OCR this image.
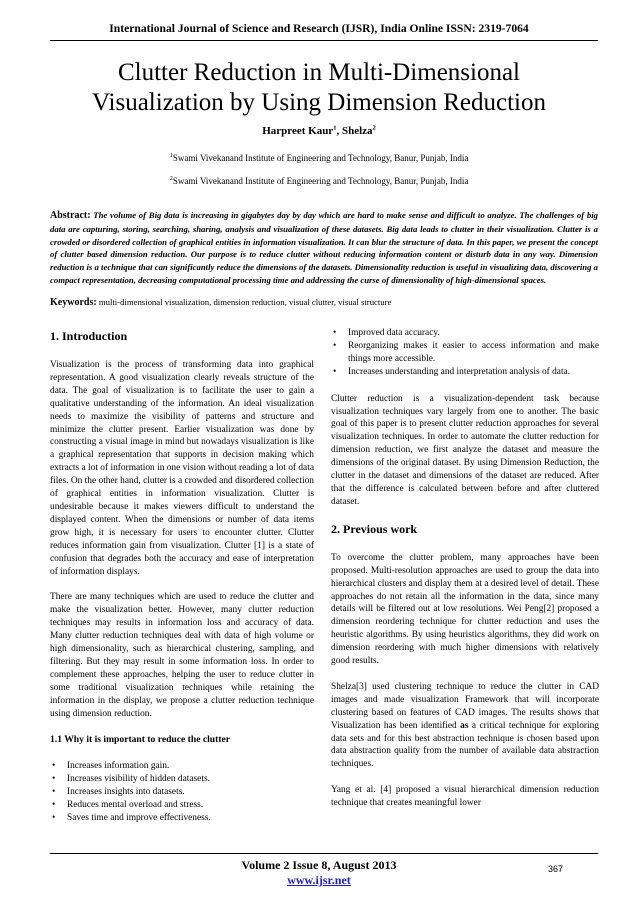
International Journal of Science and Research (IJSR), India Online ISSN: 2319-7064
Clutter Reduction in Multi-Dimensional
Visualization by Using Dimension Reduction
Harpreet Kaur$^1$, Shelza$^2$
$^1$Swami Vivekanand Institute of Engineering and Technology, Banur, Punjab, India
$^2$Swami Vivekanand Institute of Engineering and Technology, Banur, Punjab, India
Abstract: The volume of Big data is increasing in gigabytes day by day which are hard to make sense and difficult to analyze. The challenges of big data are capturing, storing, searching, sharing, analysis and visualization of these datasets. Big data leads to clutter in their visualization. Clutter is a crowded or disordered collection of graphical entities in information visualization. It can blur the structure of data. In this paper, we present the concept of clutter based dimension reduction. Our purpose is to reduce clutter without reducing information content or disturb data in any way. Dimension reduction is a technique that can significantly reduce the dimensions of the datasets. Dimensionality reduction is useful in visualizing data, discovering a compact representation, decreasing computational processing time and addressing the curse of dimensionality of high-dimensional spaces.
Keywords: multi-dimensional visualization, dimension reduction, visual clutter, visual structure
1. Introduction

Visualization is the process of transforming data into graphical representation. A good visualization clearly reveals structure of the data. The goal of visualization is to facilitate the user to gain a qualitative understanding of the information. An ideal visualization needs to maximize the visibility of patterns and structure and minimize the clutter present. Earlier visualization was done by constructing a visual image in mind but nowadays visualization is like a graphical representation that supports in decision making which extracts a lot of information in one vision without reading a lot of data files. On the other hand, clutter is a crowded and disordered collection of graphical entities in information visualization. Clutter is undesirable because it makes viewers difficult to understand the displayed content. When the dimensions or number of data items grow high, it is necessary for users to encounter clutter. Clutter reduces information gain from visualization. Clutter [1] is a state of confusion that degrades both the accuracy and ease of interpretation of information displays.

There are many techniques which are used to reduce the clutter and make the visualization better. However, many clutter reduction techniques may results in information loss and accuracy of data. Many clutter reduction techniques deal with data of high volume or high dimensionality, such as hierarchical clustering, sampling, and filtering. But they may result in some information loss. In order to complement these approaches, helping the user to reduce clutter in some traditional visualization techniques while retaining the information in the display, we propose a clutter reduction technique using dimension reduction.

1.1 Why it is important to reduce the clutter
• Increases information gain.
• Increases visibility of hidden datasets.
• Increases insights into datasets.
• Reduces mental overload and stress.
• Saves time and improve effectiveness.
• Improved data accuracy.
• Reorganizing makes it easier to access information and make things more accessible.
• Increases understanding and interpretation analysis of data.

Clutter reduction is a visualization-dependent task because visualization techniques vary largely from one to another. The basic goal of this paper is to present clutter reduction approaches for several visualization techniques. In order to automate the clutter reduction for dimension reduction, we first analyze the dataset and measure the dimensions of the original dataset. By using Dimension Reduction, the clutter in the dataset and dimensions of the dataset are reduced. After that the difference is calculated between before and after cluttered dataset.

2. Previous work

To overcome the clutter problem, many approaches have been proposed. Multi-resolution approaches are used to group the data into hierarchical clusters and display them at a desired level of detail. These approaches do not retain all the information in the data, since many details will be filtered out at low resolutions. Wei Peng[2] proposed a dimension reordering technique for clutter reduction and uses the heuristic algorithms. By using heuristics algorithms, they did work on dimension reordering with much higher dimensions with relatively good results.

Shelza[3] used clustering technique to reduce the clutter in CAD images and made visualization Framework that will incorporate clustering based on features of CAD images. The results shows that Visualization has been identified as a critical technique for exploring data sets and for this best abstraction technique is chosen based upon data abstraction quality from the number of available data abstraction techniques.

Yang et al. [4] proposed a visual hierarchical dimension reduction technique that creates meaningful lower

Volume 2 Issue 8, August 2013
www.ijsr.net
367
